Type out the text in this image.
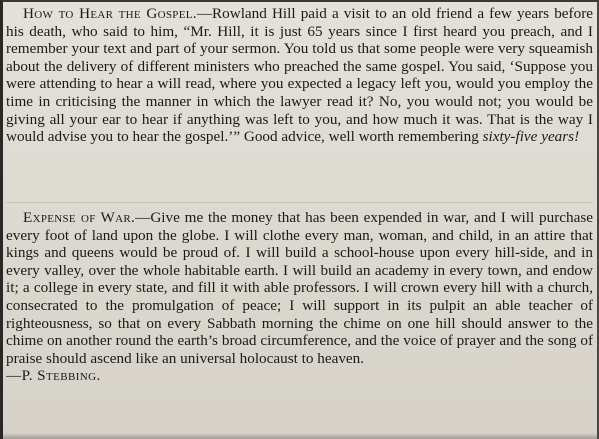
How to Hear the Gospel.—Rowland Hill paid a visit to an old friend a few years before his death, who said to him, “Mr. Hill, it is just 65 years since I first heard you preach, and I remember your text and part of your sermon. You told us that some people were very squeamish about the delivery of different ministers who preached the same gospel. You said, ‘Suppose you were attending to hear a will read, where you expected a legacy left you, would you employ the time in criticising the manner in which the lawyer read it? No, you would not; you would be giving all your ear to hear if anything was left to you, and how much it was. That is the way I would advise you to hear the gospel.’” Good advice, well worth remembering sixty-five years!

Expense of War.—Give me the money that has been expended in war, and I will purchase every foot of land upon the globe. I will clothe every man, woman, and child, in an attire that kings and queens would be proud of. I will build a school-house upon every hill-side, and in every valley, over the whole habitable earth. I will build an academy in every town, and endow it; a college in every state, and fill it with able professors. I will crown every hill with a church, consecrated to the promulgation of peace; I will support in its pulpit an able teacher of righteousness, so that on every Sabbath morning the chime on one hill should answer to the chime on another round the earth’s broad circumference, and the voice of prayer and the song of praise should ascend like an universal holocaust to heaven.

—P. Stebbing.
